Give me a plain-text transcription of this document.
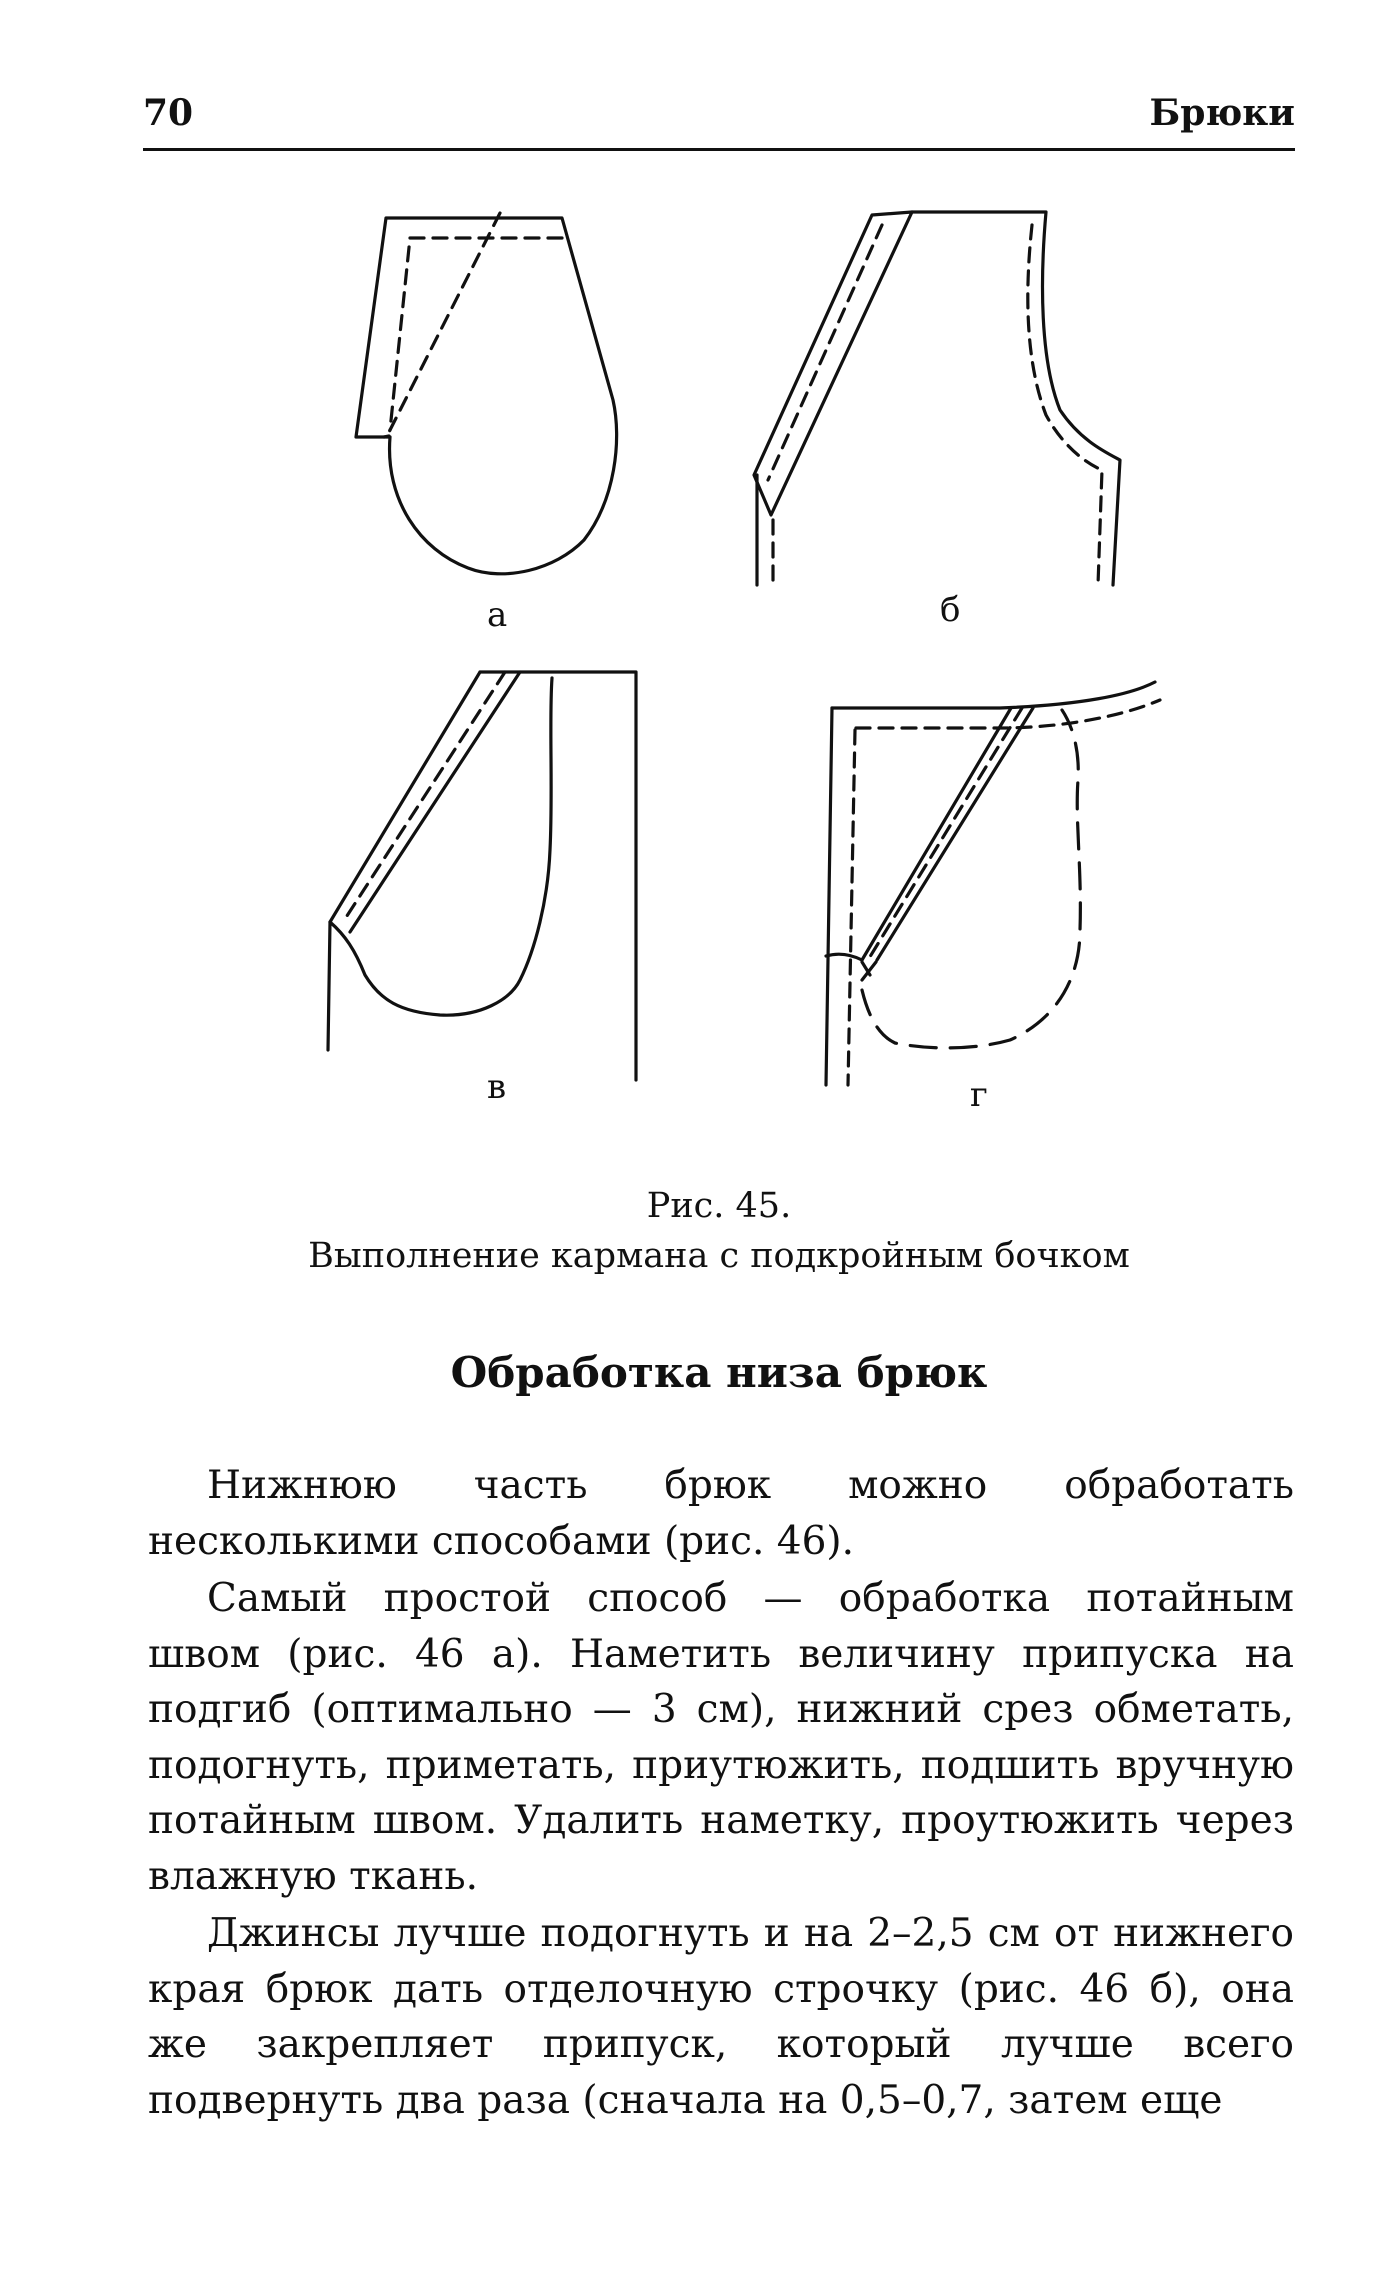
70	Брюки
а	б
в	г
Рис. 45.
Выполнение кармана с подкройным бочком
Обработка низа брюк

Нижнюю часть брюк можно обработать несколькими способами (рис. 46).

Самый простой способ — обработка потайным швом (рис. 46 а). Наметить величину припуска на подгиб (оптимально — 3 см), нижний срез обметать, подогнуть, приметать, приутюжить, подшить вручную потайным швом. Удалить наметку, проутюжить через влажную ткань.

Джинсы лучше подогнуть и на 2–2,5 см от нижнего края брюк дать отделочную строчку (рис. 46 б), она же закрепляет припуск, который лучше всего подвернуть два раза (сначала на 0,5–0,7, затем еще
